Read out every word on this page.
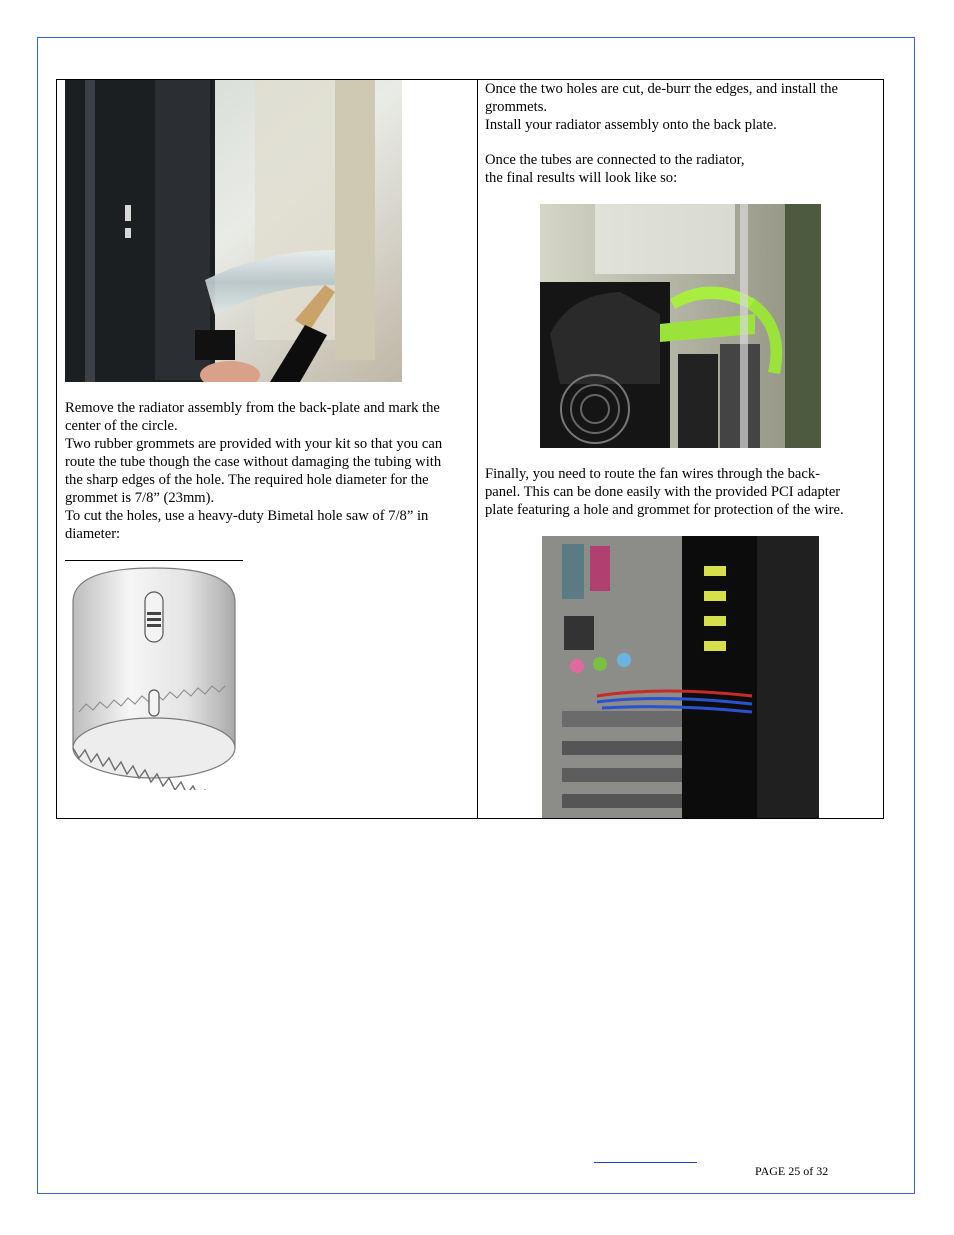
Remove the radiator assembly from the back-plate and mark the
center of the circle.
Two rubber grommets are provided with your kit so that you can
route the tube though the case without damaging the tubing with
the sharp edges of the hole. The required hole diameter for the
grommet is 7/8” (23mm).
To cut the holes, use a heavy-duty Bimetal hole saw of 7/8” in
diameter:
Once the two holes are cut, de-burr the edges, and install the
grommets.
Install your radiator assembly onto the back plate.
Once the tubes are connected to the radiator,
the final results will look like so:
Finally, you need to route the fan wires through the back-
panel. This can be done easily with the provided PCI adapter
plate featuring a hole and grommet for protection of the wire.
PAGE 25 of 32
